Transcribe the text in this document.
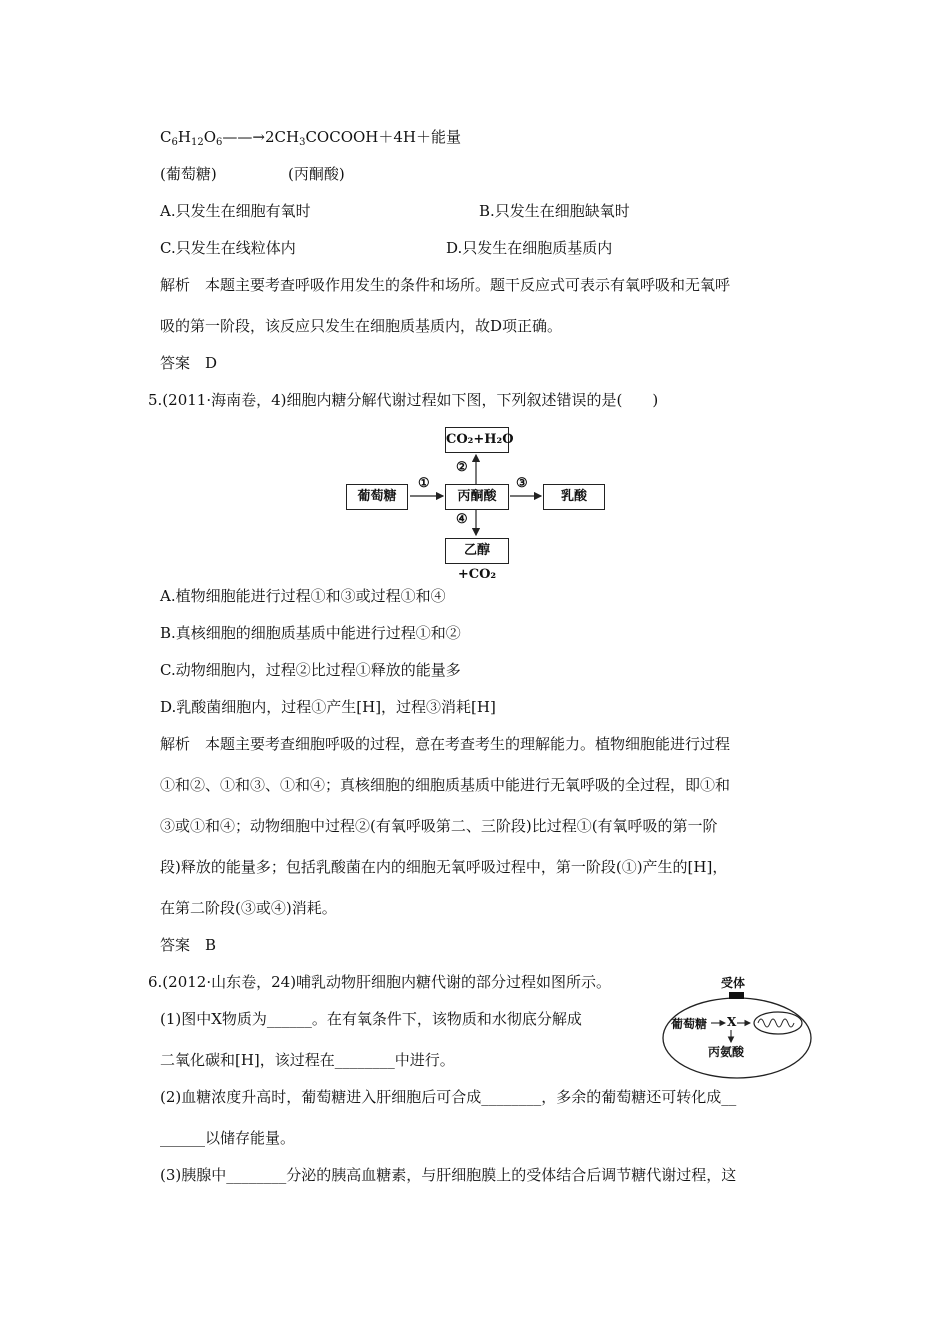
$C_6H_{12}O_6——\to 2CH_3COCOOH+4H+$能量
(葡萄糖)	(丙酮酸)
A.只发生在细胞有氧时	B.只发生在细胞缺氧时
C.只发生在线粒体内	D.只发生在细胞质基质内
解析　本题主要考查呼吸作用发生的条件和场所。题干反应式可表示有氧呼吸和无氧呼
吸的第一阶段，该反应只发生在细胞质基质内，故D项正确。
答案　D
5.(2011·海南卷，4)细胞内糖分解代谢过程如下图，下列叙述错误的是(　　)
CO₂+H₂O
葡萄糖	丙酮酸	乳酸
乙醇 +CO₂
①
②
③
④
A.植物细胞能进行过程①和③或过程①和④
B.真核细胞的细胞质基质中能进行过程①和②
C.动物细胞内，过程②比过程①释放的能量多
D.乳酸菌细胞内，过程①产生[H]，过程③消耗[H]
解析　本题主要考查细胞呼吸的过程，意在考查考生的理解能力。植物细胞能进行过程
①和②、①和③、①和④；真核细胞的细胞质基质中能进行无氧呼吸的全过程，即①和
③或①和④；动物细胞中过程②(有氧呼吸第二、三阶段)比过程①(有氧呼吸的第一阶
段)释放的能量多；包括乳酸菌在内的细胞无氧呼吸过程中，第一阶段(①)产生的[H]，
在第二阶段(③或④)消耗。
答案　B
6.(2012·山东卷，24)哺乳动物肝细胞内糖代谢的部分过程如图所示。
(1)图中X物质为______。在有氧条件下，该物质和水彻底分解成
二氧化碳和[H]，该过程在________中进行。
(2)血糖浓度升高时，葡萄糖进入肝细胞后可合成________，多余的葡萄糖还可转化成__
______以储存能量。
(3)胰腺中________分泌的胰高血糖素，与肝细胞膜上的受体结合后调节糖代谢过程，这
受体
葡萄糖 X
丙氨酸
